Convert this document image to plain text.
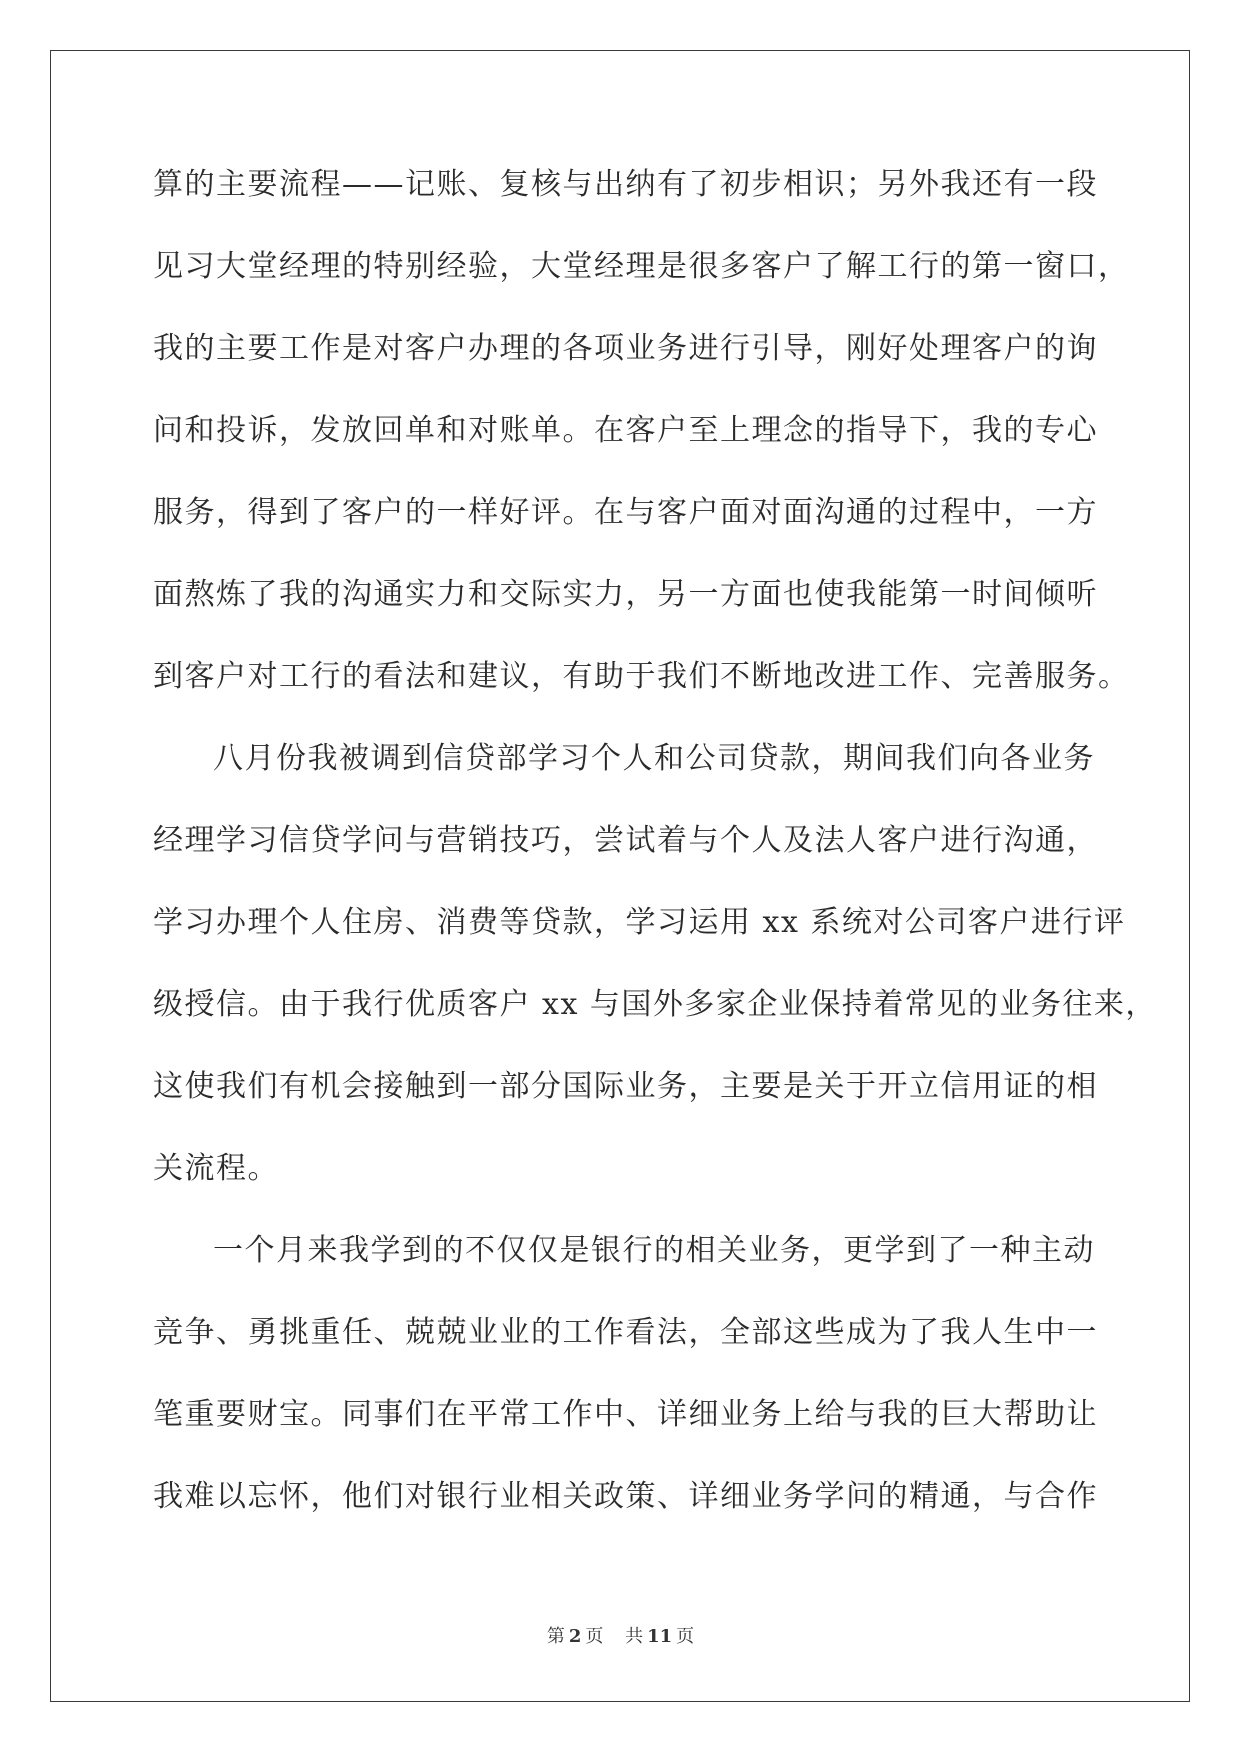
算的主要流程——记账、复核与出纳有了初步相识；另外我还有一段
见习大堂经理的特别经验，大堂经理是很多客户了解工行的第一窗口，
我的主要工作是对客户办理的各项业务进行引导，刚好处理客户的询
问和投诉，发放回单和对账单。在客户至上理念的指导下，我的专心
服务，得到了客户的一样好评。在与客户面对面沟通的过程中，一方
面熬炼了我的沟通实力和交际实力，另一方面也使我能第一时间倾听
到客户对工行的看法和建议，有助于我们不断地改进工作、完善服务。
八月份我被调到信贷部学习个人和公司贷款，期间我们向各业务
经理学习信贷学问与营销技巧，尝试着与个人及法人客户进行沟通，
学习办理个人住房、消费等贷款，学习运用 xx 系统对公司客户进行评
级授信。由于我行优质客户 xx 与国外多家企业保持着常见的业务往来，
这使我们有机会接触到一部分国际业务，主要是关于开立信用证的相
关流程。
一个月来我学到的不仅仅是银行的相关业务，更学到了一种主动
竞争、勇挑重任、兢兢业业的工作看法，全部这些成为了我人生中一
笔重要财宝。同事们在平常工作中、详细业务上给与我的巨大帮助让
我难以忘怀，他们对银行业相关政策、详细业务学问的精通，与合作
第 2 页 共 11 页
